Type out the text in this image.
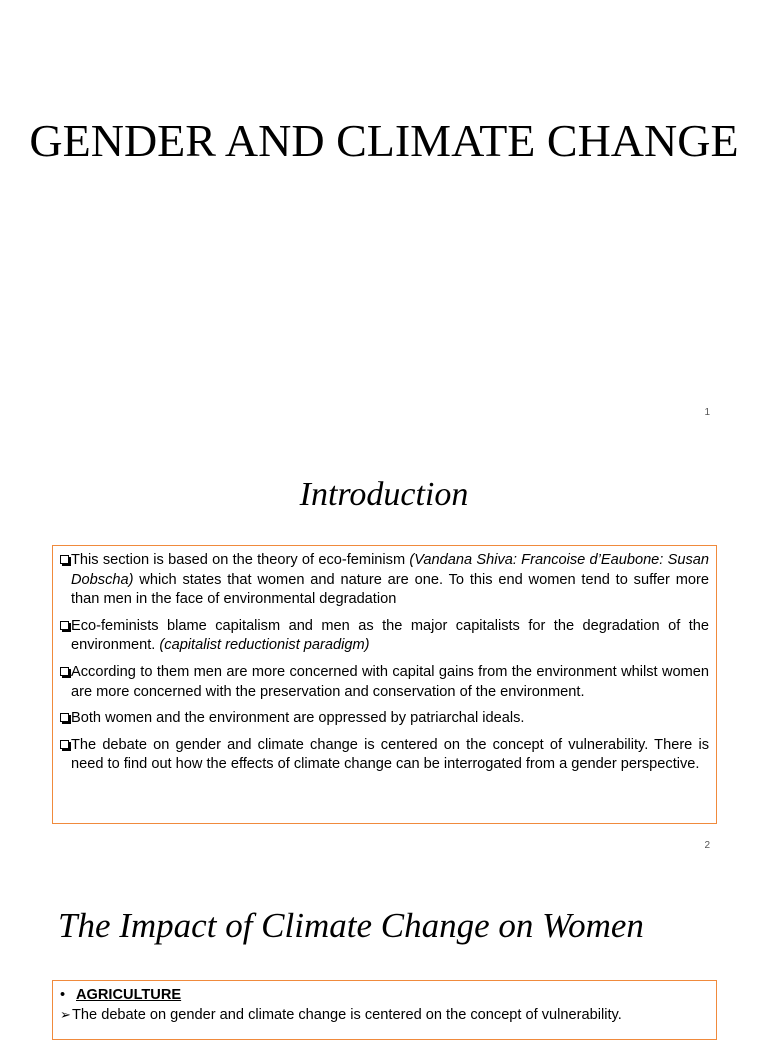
GENDER AND CLIMATE CHANGE
1
Introduction
This section is based on the theory of eco-feminism (Vandana Shiva: Francoise d’Eaubone: Susan Dobscha) which states that women and nature are one. To this end women tend to suffer more than men in the face of environmental degradation
Eco-feminists blame capitalism and men as the major capitalists for the degradation of the environment. (capitalist reductionist paradigm)
According to them men are more concerned with capital gains from the environment whilst women are more concerned with the preservation and conservation of the environment.
Both women and the environment are oppressed by patriarchal ideals.
The debate on gender and climate change is centered on the concept of vulnerability. There is need to find out how the effects of climate change can be interrogated from a gender perspective.
2
The Impact of Climate Change on Women
• AGRICULTURE
➢The debate on gender and climate change is centered on the concept of vulnerability.
